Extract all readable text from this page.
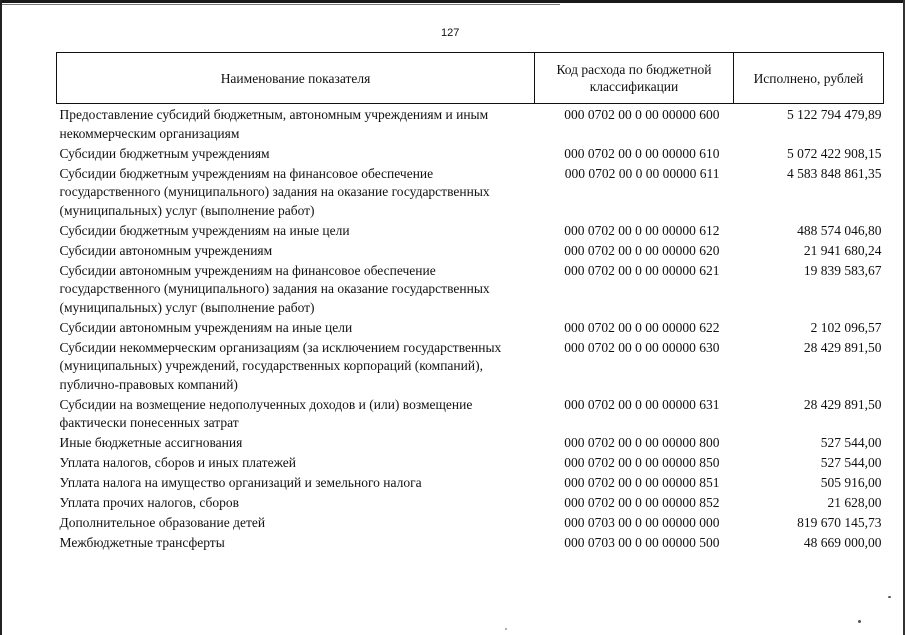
127
Наименование показателя	Код расхода по бюджетной классификации	Исполнено, рублей
Предоставление субсидий бюджетным, автономным учреждениям и иным некоммерческим организациям	000 0702 00 0 00 00000 600	5 122 794 479,89
Субсидии бюджетным учреждениям	000 0702 00 0 00 00000 610	5 072 422 908,15
Субсидии бюджетным учреждениям на финансовое обеспечение государственного (муниципального) задания на оказание государственных (муниципальных) услуг (выполнение работ)	000 0702 00 0 00 00000 611	4 583 848 861,35
Субсидии бюджетным учреждениям на иные цели	000 0702 00 0 00 00000 612	488 574 046,80
Субсидии автономным учреждениям	000 0702 00 0 00 00000 620	21 941 680,24
Субсидии автономным учреждениям на финансовое обеспечение государственного (муниципального) задания на оказание государственных (муниципальных) услуг (выполнение работ)	000 0702 00 0 00 00000 621	19 839 583,67
Субсидии автономным учреждениям на иные цели	000 0702 00 0 00 00000 622	2 102 096,57
Субсидии некоммерческим организациям (за исключением государственных (муниципальных) учреждений, государственных корпораций (компаний), публично-правовых компаний)	000 0702 00 0 00 00000 630	28 429 891,50
Субсидии на возмещение недополученных доходов и (или) возмещение фактически понесенных затрат	000 0702 00 0 00 00000 631	28 429 891,50
Иные бюджетные ассигнования	000 0702 00 0 00 00000 800	527 544,00
Уплата налогов, сборов и иных платежей	000 0702 00 0 00 00000 850	527 544,00
Уплата налога на имущество организаций и земельного налога	000 0702 00 0 00 00000 851	505 916,00
Уплата прочих налогов, сборов	000 0702 00 0 00 00000 852	21 628,00
Дополнительное образование детей	000 0703 00 0 00 00000 000	819 670 145,73
Межбюджетные трансферты	000 0703 00 0 00 00000 500	48 669 000,00
